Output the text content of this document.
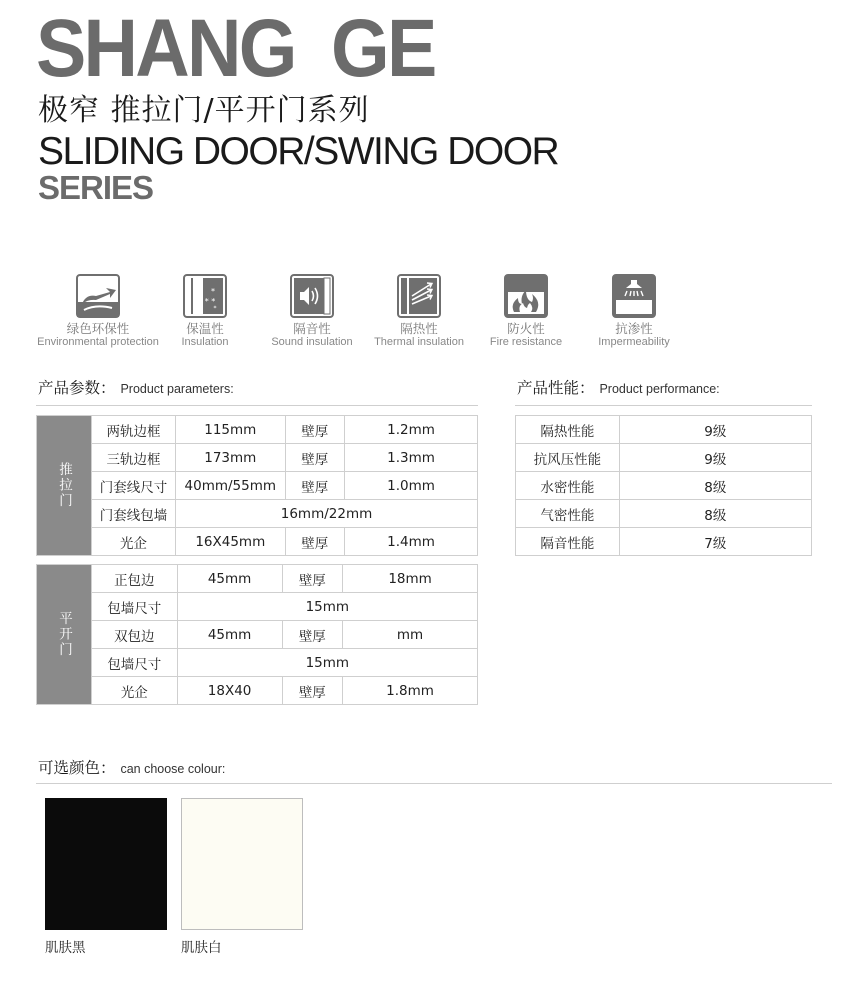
SHANG  GE
极窄 推拉门/平开门系列
SLIDING DOOR/SWING DOOR
SERIES
绿色环保性
Environmental protection
*
* *
*
保温性
Insulation
隔音性
Sound insulation
隔热性
Thermal insulation
防火性
Fire resistance
抗渗性
Impermeability
产品参数： Product parameters:
推拉门	两轨边框	115mm	壁厚	1.2mm
	三轨边框	173mm	壁厚	1.3mm
	门套线尺寸	40mm/55mm	壁厚	1.0mm
	门套线包墙	16mm/22mm		
	光企	16X45mm	壁厚	1.4mm
平开门	正包边	45mm	壁厚	18mm
	包墙尺寸	15mm		
	双包边	45mm	壁厚	mm
	包墙尺寸	15mm		
	光企	18X40	壁厚	1.8mm
产品性能： Product performance:
隔热性能	9级
抗风压性能	9级
水密性能	8级
气密性能	8级
隔音性能	7级
可选颜色： can choose colour:
肌肤黑	肌肤白
